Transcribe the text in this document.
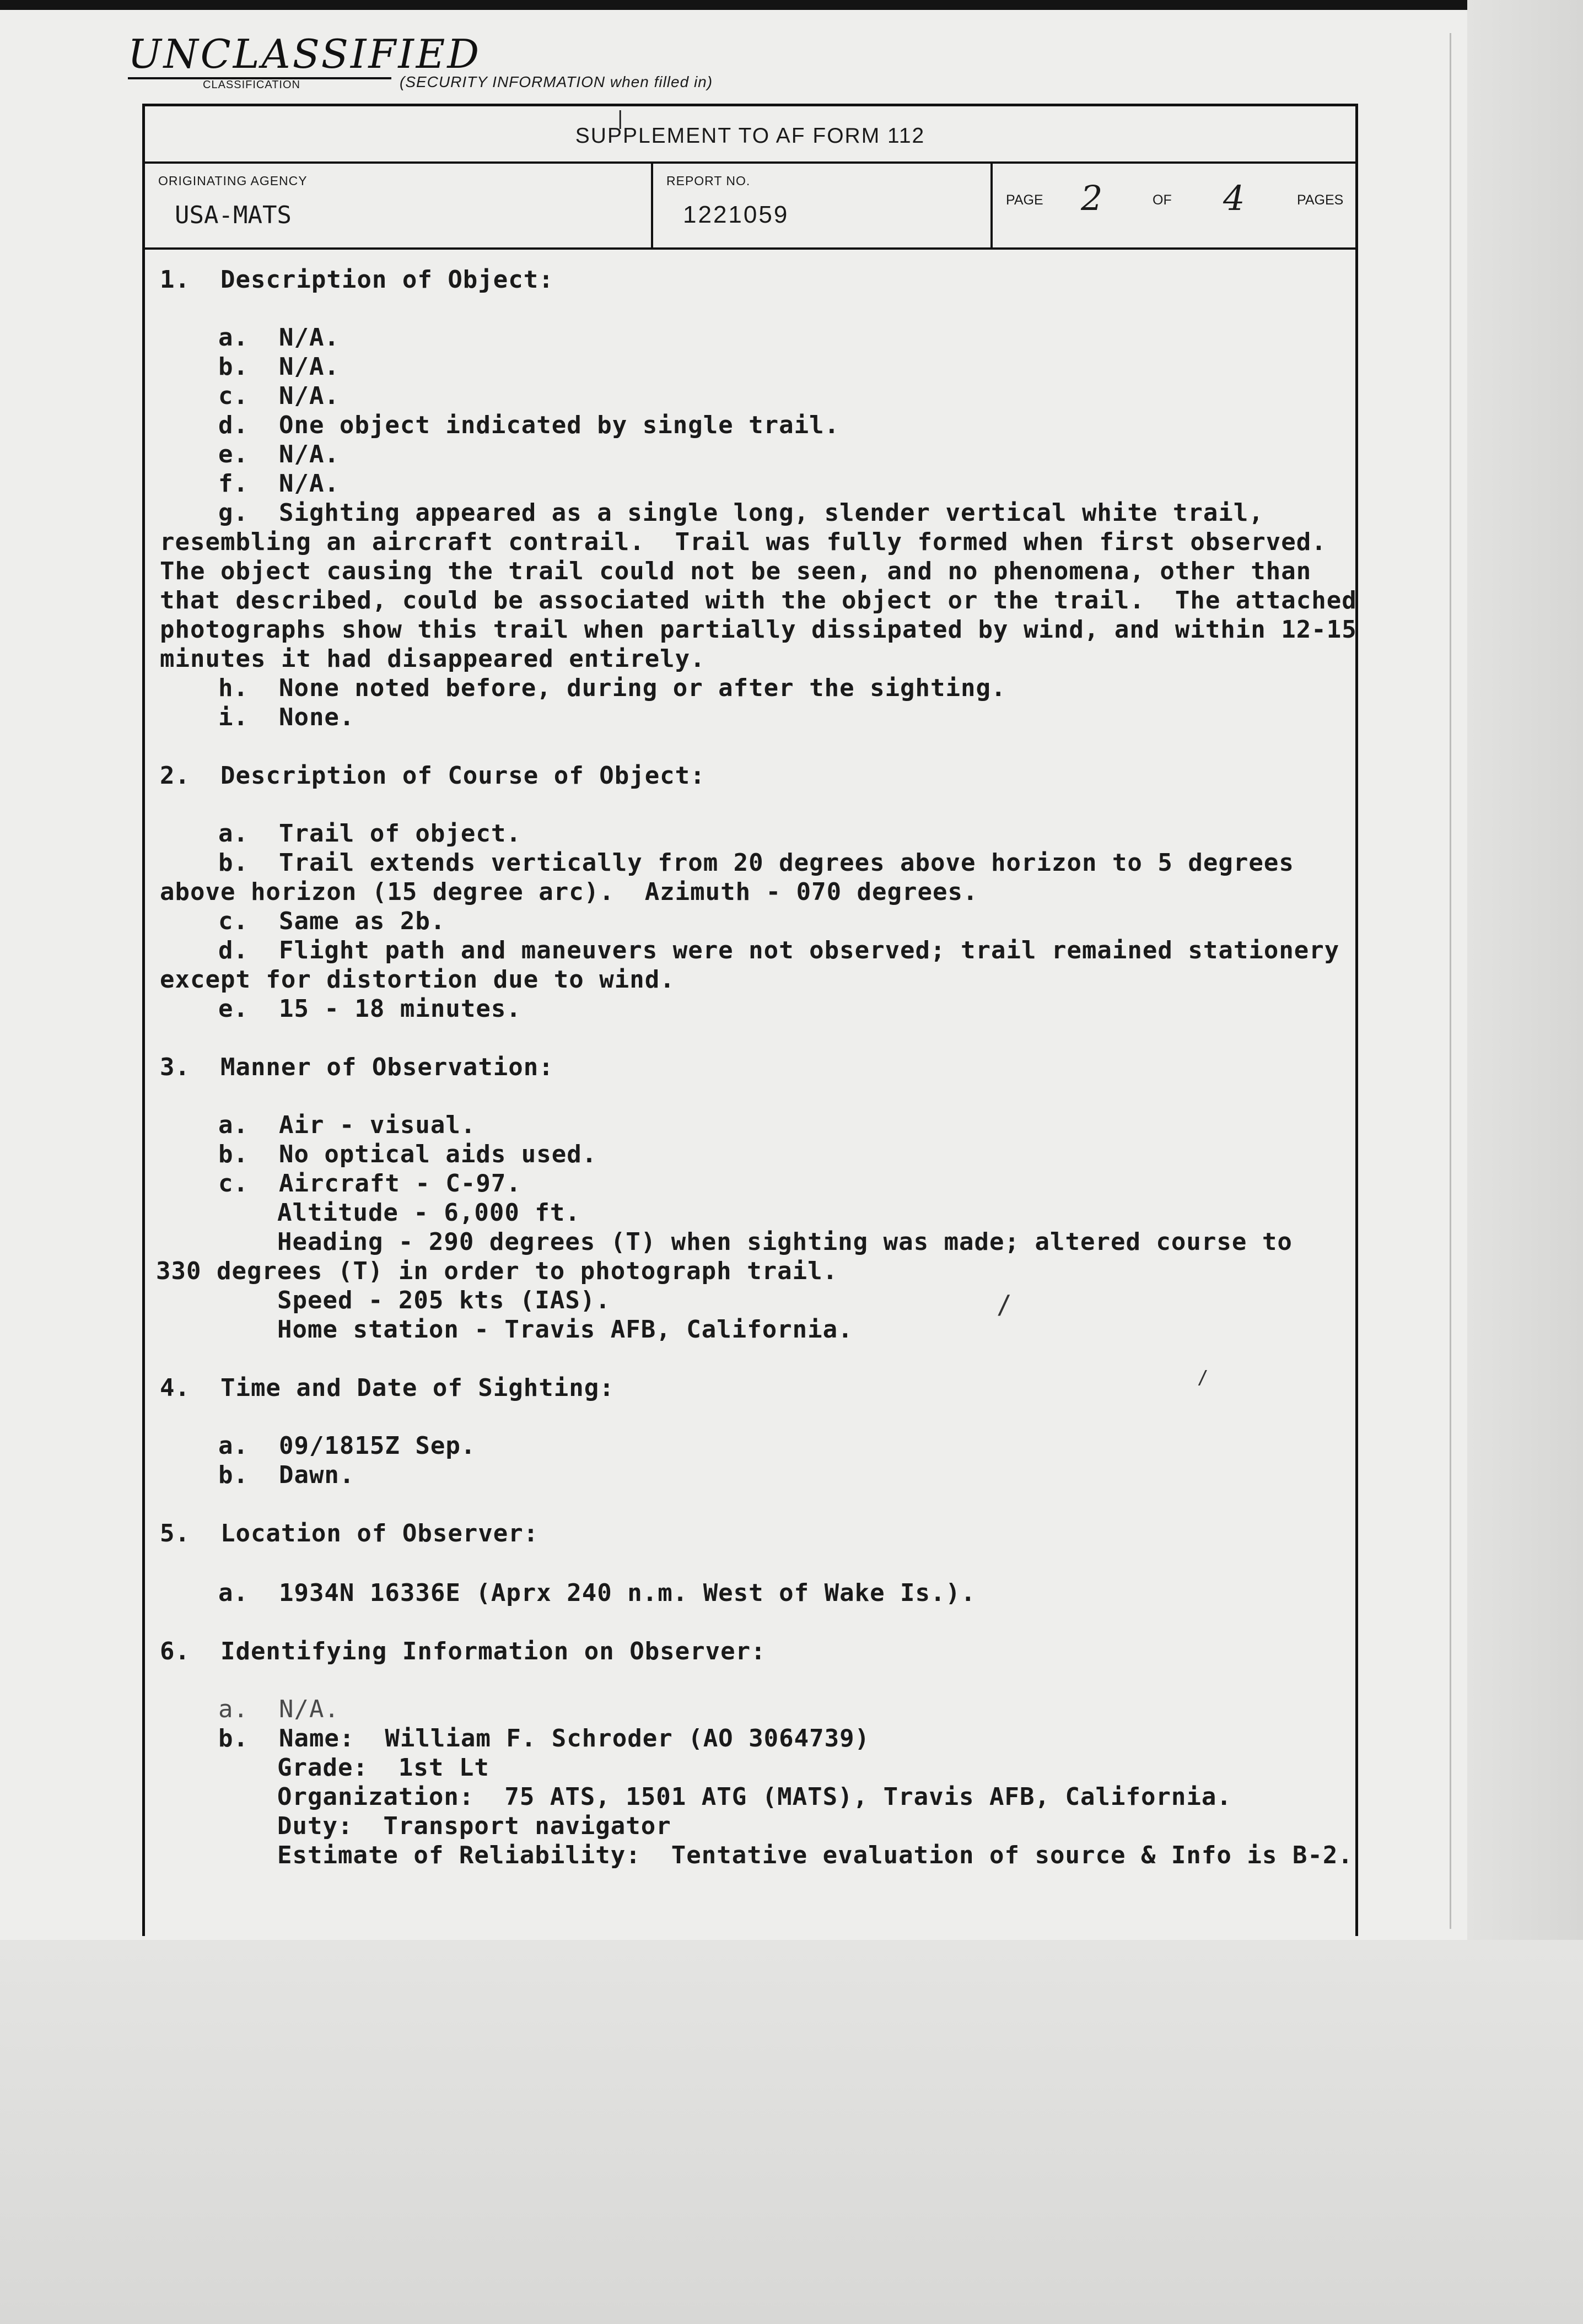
UNCLASSIFIED
CLASSIFICATION	(SECURITY INFORMATION when filled in)
|
SUPPLEMENT TO AF FORM 112
ORIGINATING AGENCY
USA-MATS
REPORT NO.
1221059
PAGE 2	OF 4	PAGES
1.  Description of Object:
a.  N/A.
b.  N/A.
c.  N/A.
d.  One object indicated by single trail.
e.  N/A.
f.  N/A.
g.  Sighting appeared as a single long, slender vertical white trail,
resembling an aircraft contrail.  Trail was fully formed when first observed.
The object causing the trail could not be seen, and no phenomena, other than
that described, could be associated with the object or the trail.  The attached
photographs show this trail when partially dissipated by wind, and within 12-15
minutes it had disappeared entirely.
h.  None noted before, during or after the sighting.
i.  None.
2.  Description of Course of Object:
a.  Trail of object.
b.  Trail extends vertically from 20 degrees above horizon to 5 degrees
above horizon (15 degree arc).  Azimuth - 070 degrees.
c.  Same as 2b.
d.  Flight path and maneuvers were not observed; trail remained stationery
except for distortion due to wind.
e.  15 - 18 minutes.
3.  Manner of Observation:
a.  Air - visual.
b.  No optical aids used.
c.  Aircraft - C-97.
Altitude - 6,000 ft.
Heading - 290 degrees (T) when sighting was made; altered course to
330 degrees (T) in order to photograph trail.
Speed - 205 kts (IAS).
Home station - Travis AFB, California.
4.  Time and Date of Sighting:
a.  09/1815Z Sep.
b.  Dawn.
5.  Location of Observer:
a.  1934N 16336E (Aprx 240 n.m. West of Wake Is.).
6.  Identifying Information on Observer:
a.  N/A.
b.  Name:  William F. Schroder (AO 3064739)
Grade:  1st Lt
Organization:  75 ATS, 1501 ATG (MATS), Travis AFB, California.
Duty:  Transport navigator
Estimate of Reliability:  Tentative evaluation of source & Info is B-2.
/
/
